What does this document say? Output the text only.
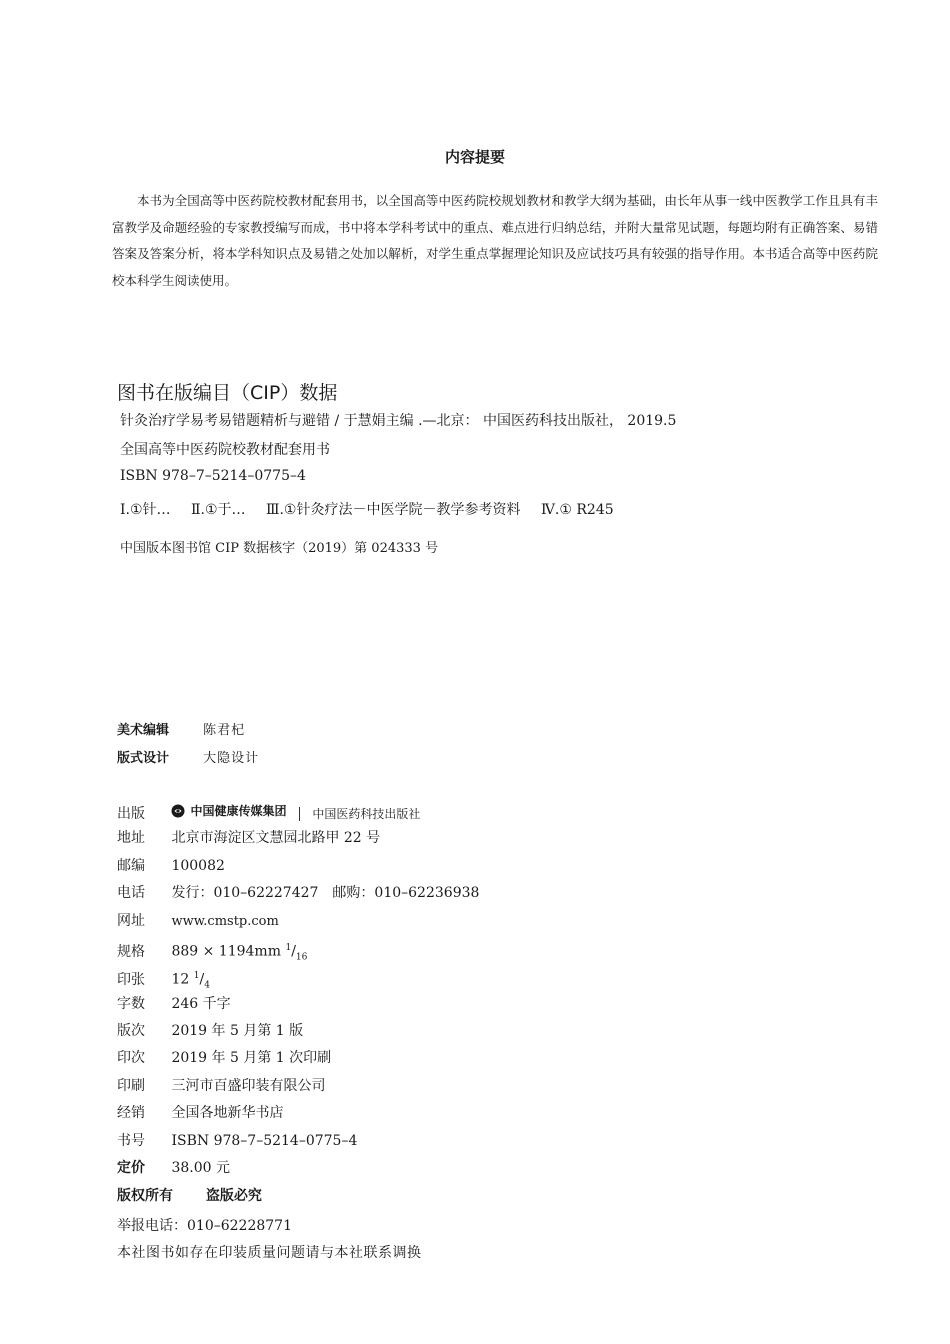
内容提要

本书为全国高等中医药院校教材配套用书，以全国高等中医药院校规划教材和教学大纲为基础，由长年从事一线中医教学工作且具有丰富教学及命题经验的专家教授编写而成，书中将本学科考试中的重点、难点进行归纳总结，并附大量常见试题，每题均附有正确答案、易错答案及答案分析，将本学科知识点及易错之处加以解析，对学生重点掌握理论知识及应试技巧具有较强的指导作用。本书适合高等中医药院校本科学生阅读使用。

图书在版编目（CIP）数据
针灸治疗学易考易错题精析与避错 / 于慧娟主编 .—北京： 中国医药科技出版社， 2019.5
全国高等中医药院校教材配套用书
ISBN 978–7–5214–0775–4
Ⅰ.①针… Ⅱ.①于… Ⅲ.①针灸疗法－中医学院－教学参考资料 Ⅳ.① R245
中国版本图书馆 CIP 数据核字（2019）第 024333 号
美术编辑	陈君杞
版式设计	大隐设计
出版	中国健康传媒集团 中国医药科技出版社
地址 北京市海淀区文慧园北路甲 22 号
邮编 100082
电话 发行：010–62227427　邮购：010–62236938
网址 www.cmstp.com
规格 889 × 1194mm $^1/_{16}$
印张 12 $^1/_4$
字数 246 千字
版次 2019 年 5 月第 1 版
印次 2019 年 5 月第 1 次印刷
印刷 三河市百盛印装有限公司
经销 全国各地新华书店
书号 ISBN 978–7–5214–0775–4
定价 38.00 元
版权所有 盗版必究
举报电话：010–62228771
本社图书如存在印装质量问题请与本社联系调换
